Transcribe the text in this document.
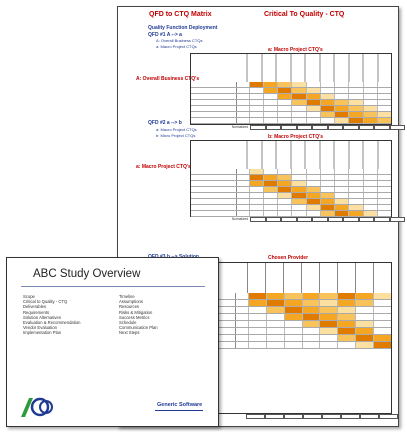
QFD to CTQ Matrix	Critical To Quality - CTQ
Quality Function Deployment
QFD #1 A --> a
A: Overall Business CTQs
a: Macro Project CTQs
a: Macro Project CTQ's
A: Overall Business CTQ's
Normalized
QFD #2 a --> b
a: Macro Project CTQs
b: Micro Project CTQs	b: Macro Project CTQ's
a: Macro Project CTQ's
Normalized
Chosen Provider
ABC Study Overview
Scope
Critical to Quality - CTQ
Deliverables
Requirements
Solution Alternatives
Evaluation & Recommendation
Vendor Evaluation
Implementation Plan
Timeline
Assumptions
Resources
Risks & Mitigation
Success Metrics
Schedule
Communication Plan
Next Steps
Generic Software
